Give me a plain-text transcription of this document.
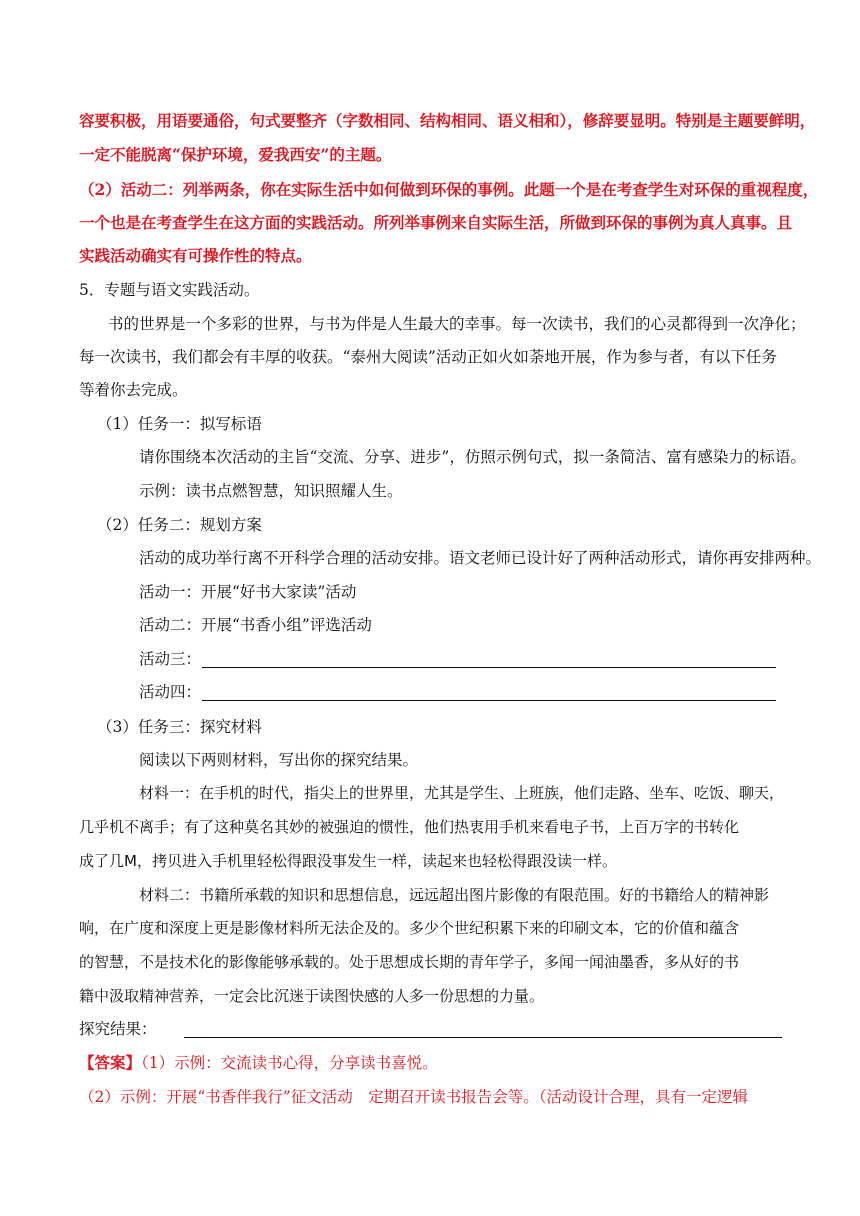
容要积极，用语要通俗，句式要整齐（字数相同、结构相同、语义相和），修辞要显明。特别是主题要鲜明，
一定不能脱离“保护环境，爱我西安”的主题。
（2）活动二：列举两条，你在实际生活中如何做到环保的事例。此题一个是在考查学生对环保的重视程度，
一个也是在考查学生在这方面的实践活动。所列举事例来自实际生活，所做到环保的事例为真人真事。且
实践活动确实有可操作性的特点。
5．专题与语文实践活动。
书的世界是一个多彩的世界，与书为伴是人生最大的幸事。每一次读书，我们的心灵都得到一次净化；
每一次读书，我们都会有丰厚的收获。“泰州大阅读”活动正如火如荼地开展，作为参与者，有以下任务
等着你去完成。
（1）任务一：拟写标语
请你围绕本次活动的主旨“交流、分享、进步”，仿照示例句式，拟一条简洁、富有感染力的标语。
示例：读书点燃智慧，知识照耀人生。
（2）任务二：规划方案
活动的成功举行离不开科学合理的活动安排。语文老师已设计好了两种活动形式，请你再安排两种。
活动一：开展“好书大家读”活动
活动二：开展“书香小组”评选活动
活动三：
活动四：
（3）任务三：探究材料
阅读以下两则材料，写出你的探究结果。
材料一：在手机的时代，指尖上的世界里，尤其是学生、上班族，他们走路、坐车、吃饭、聊天，
几乎机不离手；有了这种莫名其妙的被强迫的惯性，他们热衷用手机来看电子书，上百万字的书转化
成了几M，拷贝进入手机里轻松得跟没事发生一样，读起来也轻松得跟没读一样。
材料二：书籍所承载的知识和思想信息，远远超出图片影像的有限范围。好的书籍给人的精神影
响，在广度和深度上更是影像材料所无法企及的。多少个世纪积累下来的印刷文本，它的价值和蕴含
的智慧，不是技术化的影像能够承载的。处于思想成长期的青年学子，多闻一闻油墨香，多从好的书
籍中汲取精神营养，一定会比沉迷于读图快感的人多一份思想的力量。
探究结果：
【答案】（1）示例：交流读书心得，分享读书喜悦。
（2）示例：开展“书香伴我行”征文活动　定期召开读书报告会等。（活动设计合理，具有一定逻辑
